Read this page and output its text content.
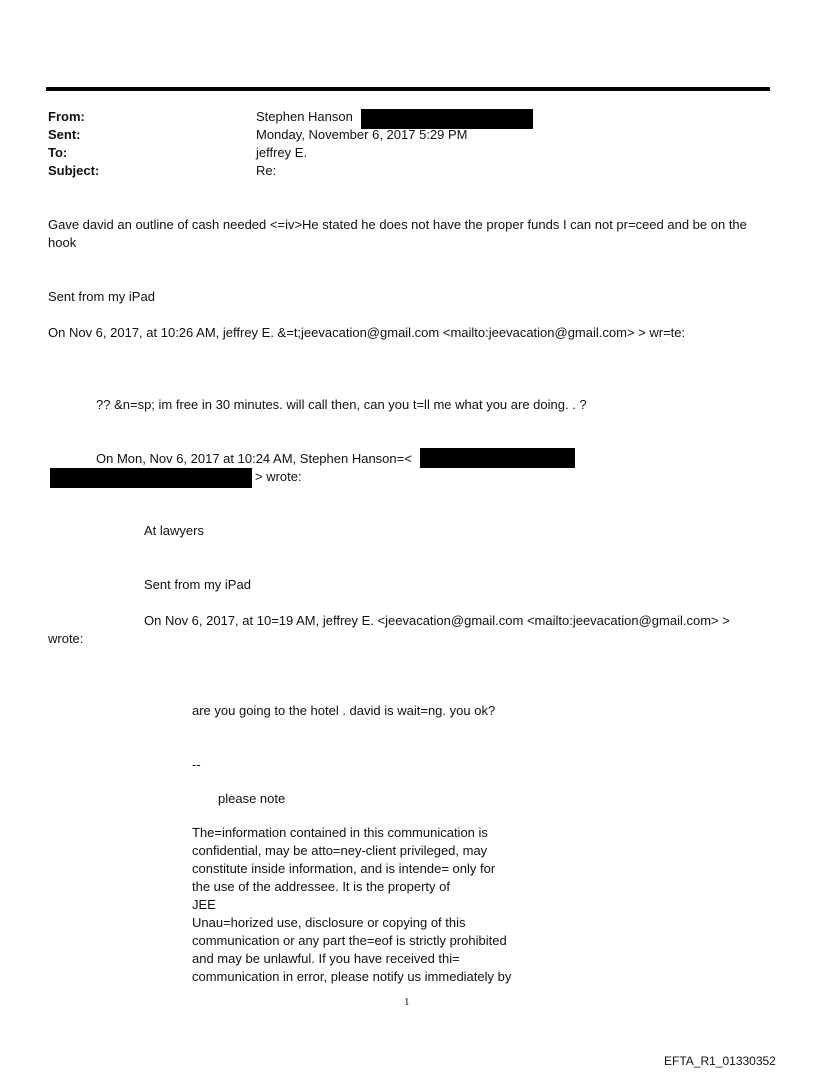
From:
Sent:
To:
Subject:
Stephen Hanson
Monday, November 6, 2017 5:29 PM
jeffrey E.
Re:
Gave david an outline of cash needed <=iv>He stated he does not have the proper funds I can not pr=ceed and be on the
hook
Sent from my iPad
On Nov 6, 2017, at 10:26 AM, jeffrey E. &=t;jeevacation@gmail.com <mailto:jeevacation@gmail.com> > wr=te:
?? &n=sp; im free in 30 minutes. will call then, can you t=ll me what you are doing. . ?
On Mon, Nov 6, 2017 at 10:24 AM, Stephen Hanson=<
> wrote:
At lawyers
Sent from my iPad
On Nov 6, 2017, at 10=19 AM, jeffrey E. <jeevacation@gmail.com <mailto:jeevacation@gmail.com> >
wrote:
are you going to the hotel . david is wait=ng. you ok?
--
please note
The=information contained in this communication is
confidential, may be atto=ney-client privileged, may
constitute inside information, and is intende= only for
the use of the addressee. It is the property of
JEE
Unau=horized use, disclosure or copying of this
communication or any part the=eof is strictly prohibited
and may be unlawful. If you have received thi=
communication in error, please notify us immediately by
1
EFTA_R1_01330352
